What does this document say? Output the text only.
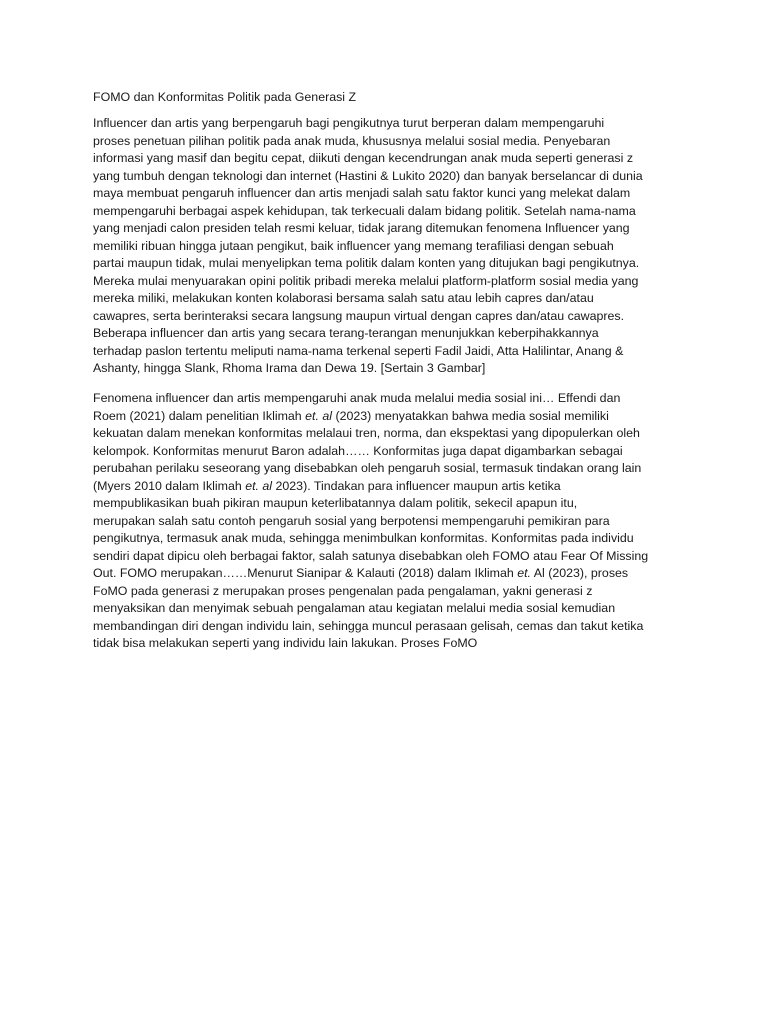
FOMO dan Konformitas Politik pada Generasi Z
Influencer dan artis yang berpengaruh bagi pengikutnya turut berperan dalam mempengaruhi
proses penetuan pilihan politik pada anak muda, khususnya melalui sosial media. Penyebaran
informasi yang masif dan begitu cepat, diikuti dengan kecendrungan anak muda seperti generasi z
yang tumbuh dengan teknologi dan internet (Hastini & Lukito 2020) dan banyak berselancar di dunia
maya membuat pengaruh influencer dan artis menjadi salah satu faktor kunci yang melekat dalam
mempengaruhi berbagai aspek kehidupan, tak terkecuali dalam bidang politik. Setelah nama-nama
yang menjadi calon presiden telah resmi keluar, tidak jarang ditemukan fenomena Influencer yang
memiliki ribuan hingga jutaan pengikut, baik influencer yang memang terafiliasi dengan sebuah
partai maupun tidak, mulai menyelipkan tema politik dalam konten yang ditujukan bagi pengikutnya.
Mereka mulai menyuarakan opini politik pribadi mereka melalui platform-platform sosial media yang
mereka miliki, melakukan konten kolaborasi bersama salah satu atau lebih capres dan/atau
cawapres, serta berinteraksi secara langsung maupun virtual dengan capres dan/atau cawapres.
Beberapa influencer dan artis yang secara terang-terangan menunjukkan keberpihakkannya
terhadap paslon tertentu meliputi nama-nama terkenal seperti Fadil Jaidi, Atta Halilintar, Anang &
Ashanty, hingga Slank, Rhoma Irama dan Dewa 19. [Sertain 3 Gambar]
Fenomena influencer dan artis mempengaruhi anak muda melalui media sosial ini… Effendi dan
Roem (2021) dalam penelitian Iklimah et. al (2023) menyatakkan bahwa media sosial memiliki
kekuatan dalam menekan konformitas melalaui tren, norma, dan ekspektasi yang dipopulerkan oleh
kelompok. Konformitas menurut Baron adalah…… Konformitas juga dapat digambarkan sebagai
perubahan perilaku seseorang yang disebabkan oleh pengaruh sosial, termasuk tindakan orang lain
(Myers 2010 dalam Iklimah et. al 2023). Tindakan para influencer maupun artis ketika
mempublikasikan buah pikiran maupun keterlibatannya dalam politik, sekecil apapun itu,
merupakan salah satu contoh pengaruh sosial yang berpotensi mempengaruhi pemikiran para
pengikutnya, termasuk anak muda, sehingga menimbulkan konformitas. Konformitas pada individu
sendiri dapat dipicu oleh berbagai faktor, salah satunya disebabkan oleh FOMO atau Fear Of Missing
Out. FOMO merupakan……Menurut Sianipar & Kalauti (2018) dalam Iklimah et. Al (2023), proses
FoMO pada generasi z merupakan proses pengenalan pada pengalaman, yakni generasi z
menyaksikan dan menyimak sebuah pengalaman atau kegiatan melalui media sosial kemudian
membandingan diri dengan individu lain, sehingga muncul perasaan gelisah, cemas dan takut ketika
tidak bisa melakukan seperti yang individu lain lakukan. Proses FoMO
